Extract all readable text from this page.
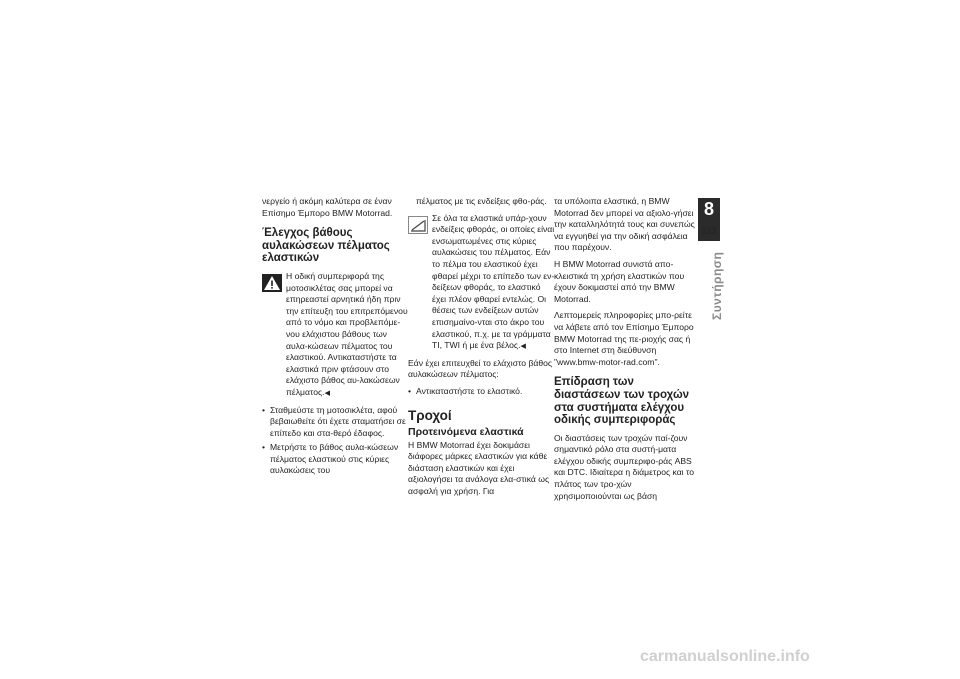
νεργείο ή ακόμη καλύτερα σε έναν Επίσημο Έμπορο BMW Motorrad.

Έλεγχος βάθους αυλακώσεων πέλματος ελαστικών
Η οδική συμπεριφορά της μοτοσικλέτας σας μπορεί να επηρεαστεί αρνητικά ήδη πριν την επίτευξη του επιτρεπόμενου από το νόμο και προβλεπόμε-νου ελάχιστου βάθους των αυλα-κώσεων πέλματος του ελαστικού. Αντικαταστήστε τα ελαστικά πριν φτάσουν στο ελάχιστο βάθος αυ-λακώσεων πέλματος.◀
• Σταθμεύστε τη μοτοσικλέτα, αφού βεβαιωθείτε ότι έχετε σταματήσει σε επίπεδο και στα-θερό έδαφος.
• Μετρήστε το βάθος αυλα-κώσεων πέλματος ελαστικού στις κύριες αυλακώσεις του

πέλματος με τις ενδείξεις φθο-ράς.

Σε όλα τα ελαστικά υπάρ-χουν ενδείξεις φθοράς, οι οποίες είναι ενσωματωμένες στις κύριες αυλακώσεις του πέλματος. Εάν το πέλμα του ελαστικού έχει φθαρεί μέχρι το επίπεδο των εν-δείξεων φθοράς, το ελαστικό έχει πλέον φθαρεί εντελώς. Οι θέσεις των ενδείξεων αυτών επισημαίνο-νται στο άκρο του ελαστικού, π.χ. με τα γράμματα TI, TWI ή με ένα βέλος.◀

Εάν έχει επιτευχθεί το ελάχιστο βάθος αυλακώσεων πέλματος:

• Αντικαταστήστε το ελαστικό.
Τροχοί
Προτεινόμενα ελαστικά

Η BMW Motorrad έχει δοκιμάσει διάφορες μάρκες ελαστικών για κάθε διάσταση ελαστικών και έχει αξιολογήσει τα ανάλογα ελα-στικά ως ασφαλή για χρήση. Για

τα υπόλοιπα ελαστικά, η BMW Motorrad δεν μπορεί να αξιολο-γήσει την καταλληλότητά τους και συνεπώς να εγγυηθεί για την οδική ασφάλεια που παρέχουν.

Η BMW Motorrad συνιστά απο-κλειστικά τη χρήση ελαστικών που έχουν δοκιμαστεί από την BMW Motorrad.

Λεπτομερείς πληροφορίες μπο-ρείτε να λάβετε από τον Επίσημο Έμπορο BMW Motorrad της πε-ριοχής σας ή στο Internet στη διεύθυνση "www.bmw-motor-rad.com".

Επίδραση των διαστάσεων των τροχών στα συστήματα ελέγχου οδικής συμπεριφοράς

Οι διαστάσεις των τροχών παί-ζουν σημαντικό ρόλο στα συστή-ματα ελέγχου οδικής συμπεριφο-ράς ABS και DTC. Ιδιαίτερα η διάμετρος και το πλάτος των τρο-χών χρησιμοποιούνται ως βάση

8
133
Συντήρηση
carmanualsonline.info
